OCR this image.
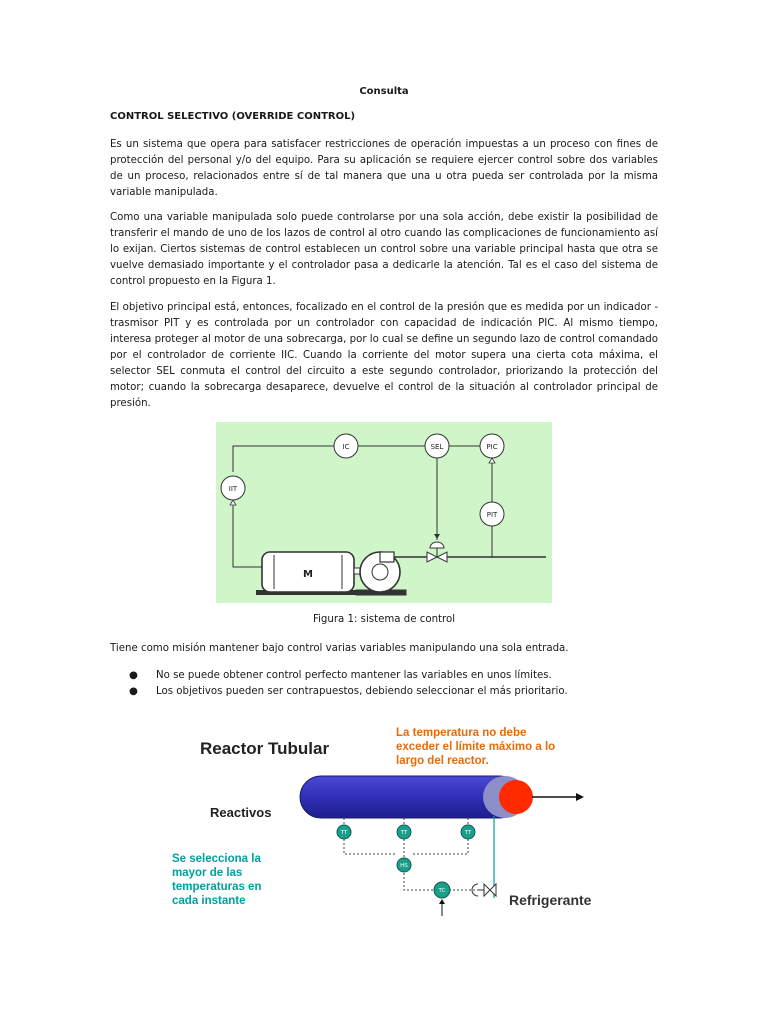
Consulta
CONTROL SELECTIVO (OVERRIDE CONTROL)

Es un sistema que opera para satisfacer restricciones de operación impuestas a un proceso con fines de protección del personal y/o del equipo. Para su aplicación se requiere ejercer control sobre dos variables de un proceso, relacionados entre sí de tal manera que una u otra pueda ser controlada por la misma variable manipulada.

Como una variable manipulada solo puede controlarse por una sola acción, debe existir la posibilidad de transferir el mando de uno de los lazos de control al otro cuando las complicaciones de funcionamiento así lo exijan. Ciertos sistemas de control establecen un control sobre una variable principal hasta que otra se vuelve demasiado importante y el controlador pasa a dedicarle la atención. Tal es el caso del sistema de control propuesto en la Figura 1.

El objetivo principal está, entonces, focalizado en el control de la presión que es medida por un indicador - trasmisor PIT y es controlada por un controlador con capacidad de indicación PIC. Al mismo tiempo, interesa proteger al motor de una sobrecarga, por lo cual se define un segundo lazo de control comandado por el controlador de corriente IIC. Cuando la corriente del motor supera una cierta cota máxima, el selector SEL conmuta el control del circuito a este segundo controlador, priorizando la protección del motor; cuando la sobrecarga desaparece, devuelve el control de la situación al controlador principal de presión.

IC	SEL	PIC
IIT
PIT
M
Figura 1: sistema de control

Tiene como misión mantener bajo control varias variables manipulando una sola entrada.

● No se puede obtener control perfecto mantener las variables en unos límites.
● Los objetivos pueden ser contrapuestos, debiendo seleccionar el más prioritario.
Reactor Tubular
La temperatura no debe
exceder el límite máximo a lo
largo del reactor.
Reactivos
TT	TT	TT
HS
TC
Se selecciona la
mayor de las
temperaturas en
cada instante	Refrigerante
